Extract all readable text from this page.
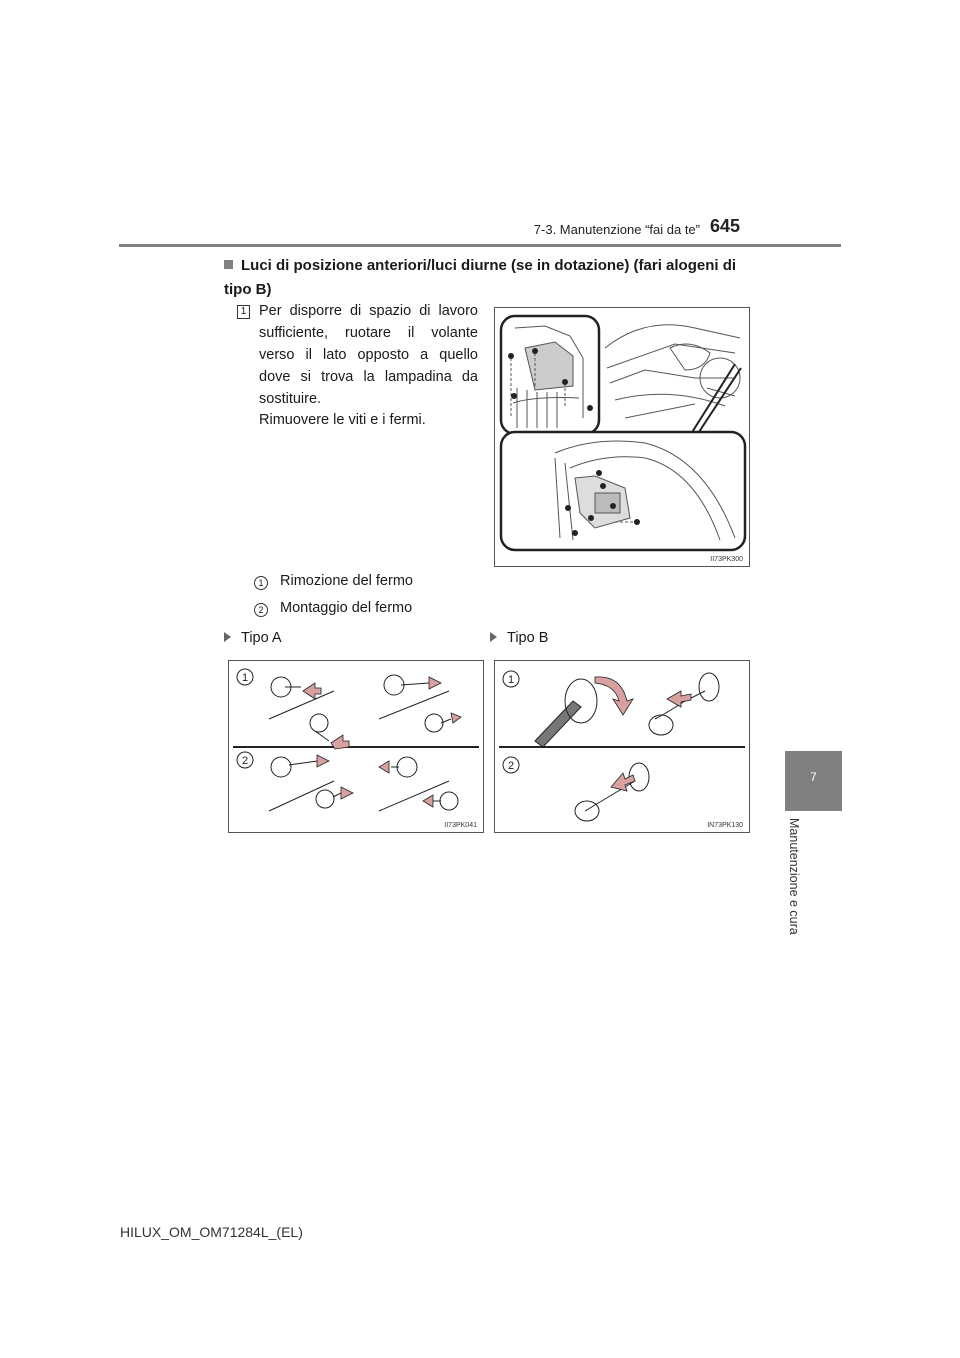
7-3. Manutenzione “fai da te” 645
7
Manutenzione e cura
Luci di posizione anteriori/luci diurne (se in dotazione) (fari alogeni di tipo B)
1 Per disporre di spazio di lavoro sufficiente, ruotare il volante verso il lato opposto a quello dove si trova la lampadina da sostituire.
Rimuovere le viti e i fermi.
II73PK300
1 Rimozione del fermo
2 Montaggio del fermo
Tipo A	Tipo B
1
2
II73PK041
1
2
IN73PK130
HILUX_OM_OM71284L_(EL)
